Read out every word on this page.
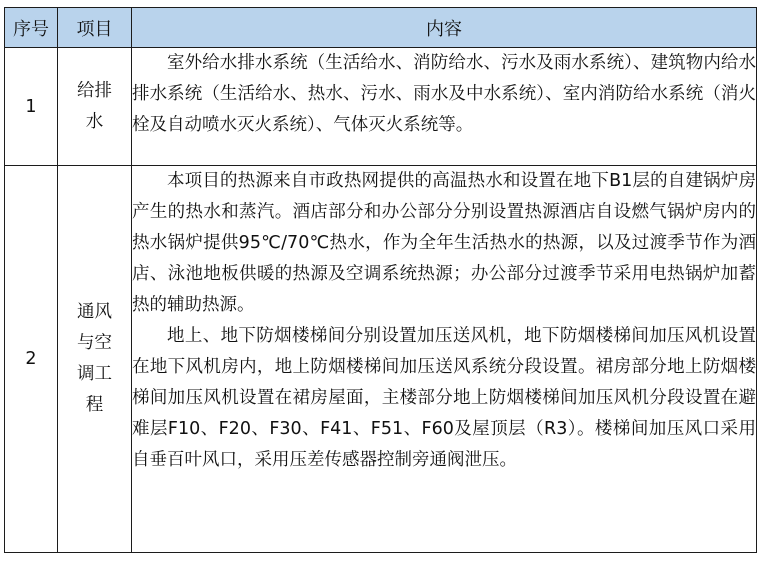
序号	项目	内容
1	给排水	室外给水排水系统（生活给水、消防给水、污水及雨水系统）、建筑物内给水排水系统（生活给水、热水、污水、雨水及中水系统）、室内消防给水系统（消火栓及自动喷水灭火系统）、气体灭火系统等。

2	通风与空调工程	本项目的热源来自市政热网提供的高温热水和设置在地下B1层的自建锅炉房产生的热水和蒸汽。酒店部分和办公部分分别设置热源酒店自设燃气锅炉房内的热水锅炉提供95℃/70℃热水，作为全年生活热水的热源，以及过渡季节作为酒店、泳池地板供暖的热源及空调系统热源；办公部分过渡季节采用电热锅炉加蓄热的辅助热源。

地上、地下防烟楼梯间分别设置加压送风机，地下防烟楼梯间加压风机设置在地下风机房内，地上防烟楼梯间加压送风系统分段设置。裙房部分地上防烟楼梯间加压风机设置在裙房屋面，主楼部分地上防烟楼梯间加压风机分段设置在避难层F10、F20、F30、F41、F51、F60及屋顶层（R3）。楼梯间加压风口采用自垂百叶风口，采用压差传感器控制旁通阀泄压。
